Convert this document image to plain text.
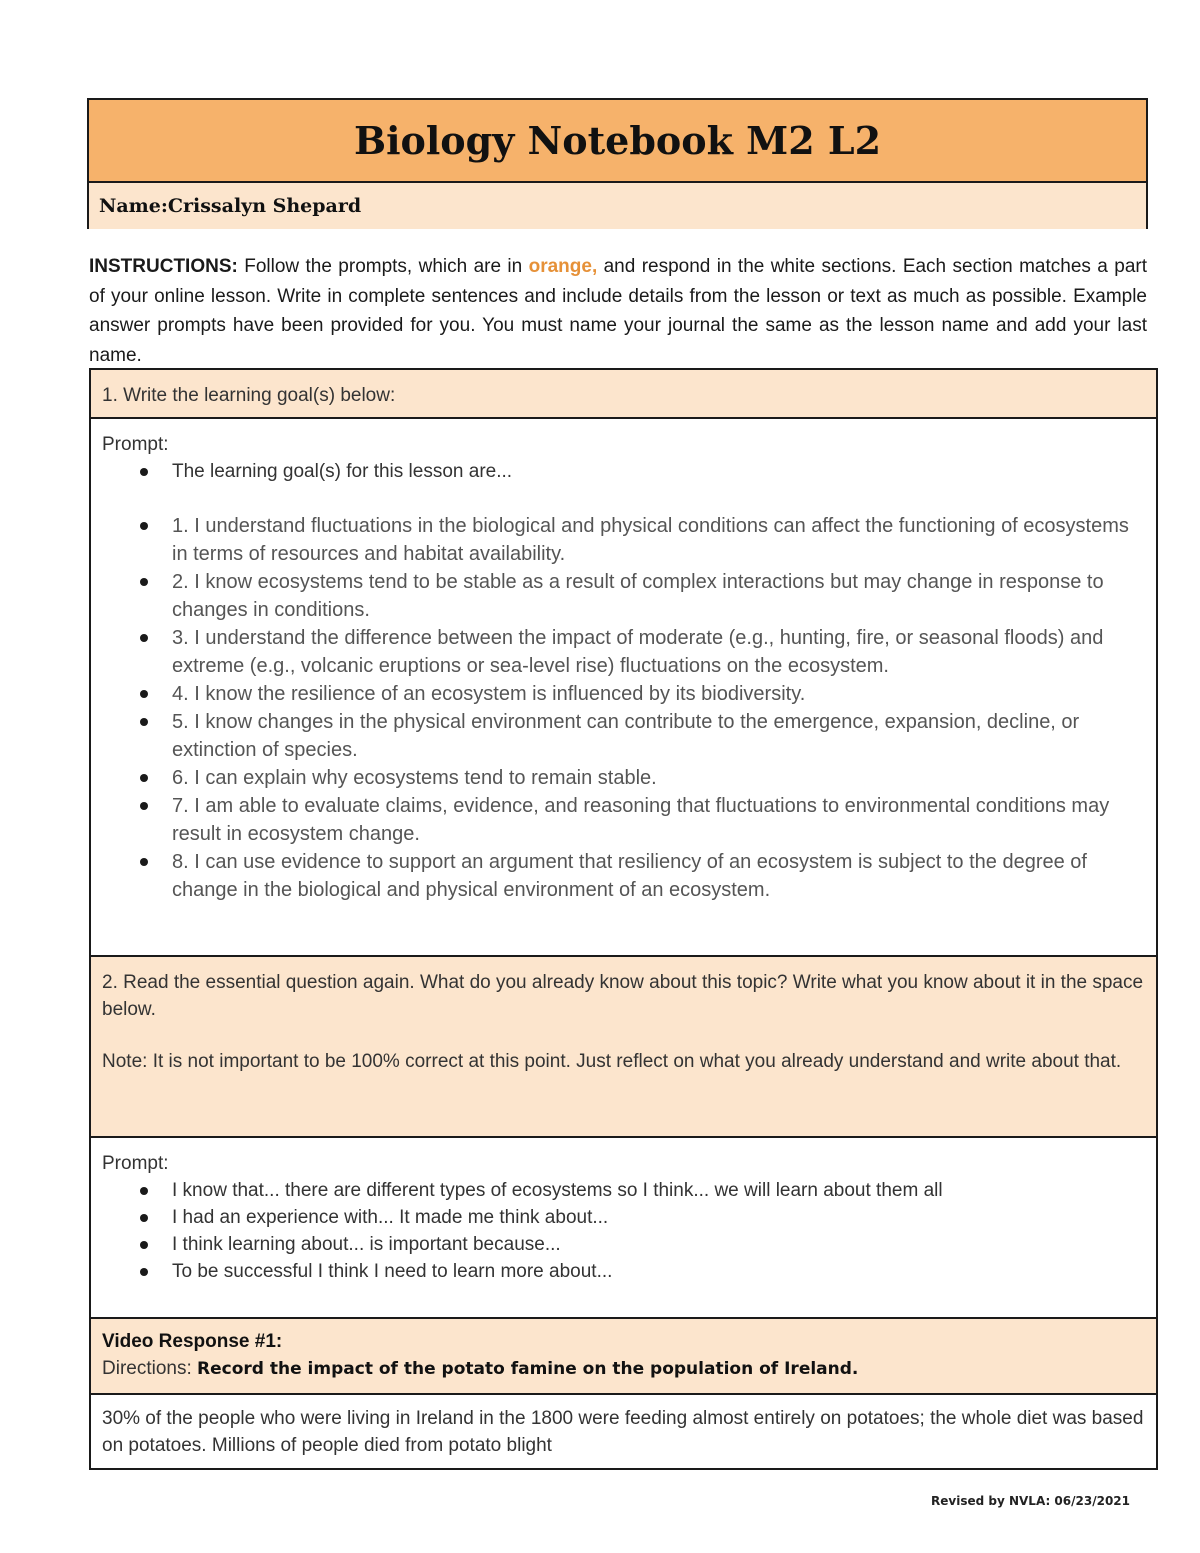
Biology Notebook M2 L2
Name:Crissalyn Shepard
INSTRUCTIONS: Follow the prompts, which are in orange, and respond in the white sections. Each section matches a part of your online lesson. Write in complete sentences and include details from the lesson or text as much as possible. Example answer prompts have been provided for you. You must name your journal the same as the lesson name and add your last name.
1. Write the learning goal(s) below:
Prompt:
The learning goal(s) for this lesson are...
1. I understand fluctuations in the biological and physical conditions can affect the functioning of ecosystems in terms of resources and habitat availability.
2. I know ecosystems tend to be stable as a result of complex interactions but may change in response to changes in conditions.
3. I understand the difference between the impact of moderate (e.g., hunting, fire, or seasonal floods) and extreme (e.g., volcanic eruptions or sea-level rise) fluctuations on the ecosystem.
4. I know the resilience of an ecosystem is influenced by its biodiversity.
5. I know changes in the physical environment can contribute to the emergence, expansion, decline, or extinction of species.
6. I can explain why ecosystems tend to remain stable.
7. I am able to evaluate claims, evidence, and reasoning that fluctuations to environmental conditions may result in ecosystem change.
8. I can use evidence to support an argument that resiliency of an ecosystem is subject to the degree of change in the biological and physical environment of an ecosystem.
2. Read the essential question again. What do you already know about this topic? Write what you know about it in the space below.
Note: It is not important to be 100% correct at this point. Just reflect on what you already understand and write about that.
Prompt:
I know that... there are different types of ecosystems so I think... we will learn about them all
I had an experience with... It made me think about...
I think learning about... is important because...
To be successful I think I need to learn more about...
Video Response #1:
Directions: Record the impact of the potato famine on the population of Ireland.
30% of the people who were living in Ireland in the 1800 were feeding almost entirely on potatoes; the whole diet was based on potatoes. Millions of people died from potato blight
Revised by NVLA: 06/23/2021
